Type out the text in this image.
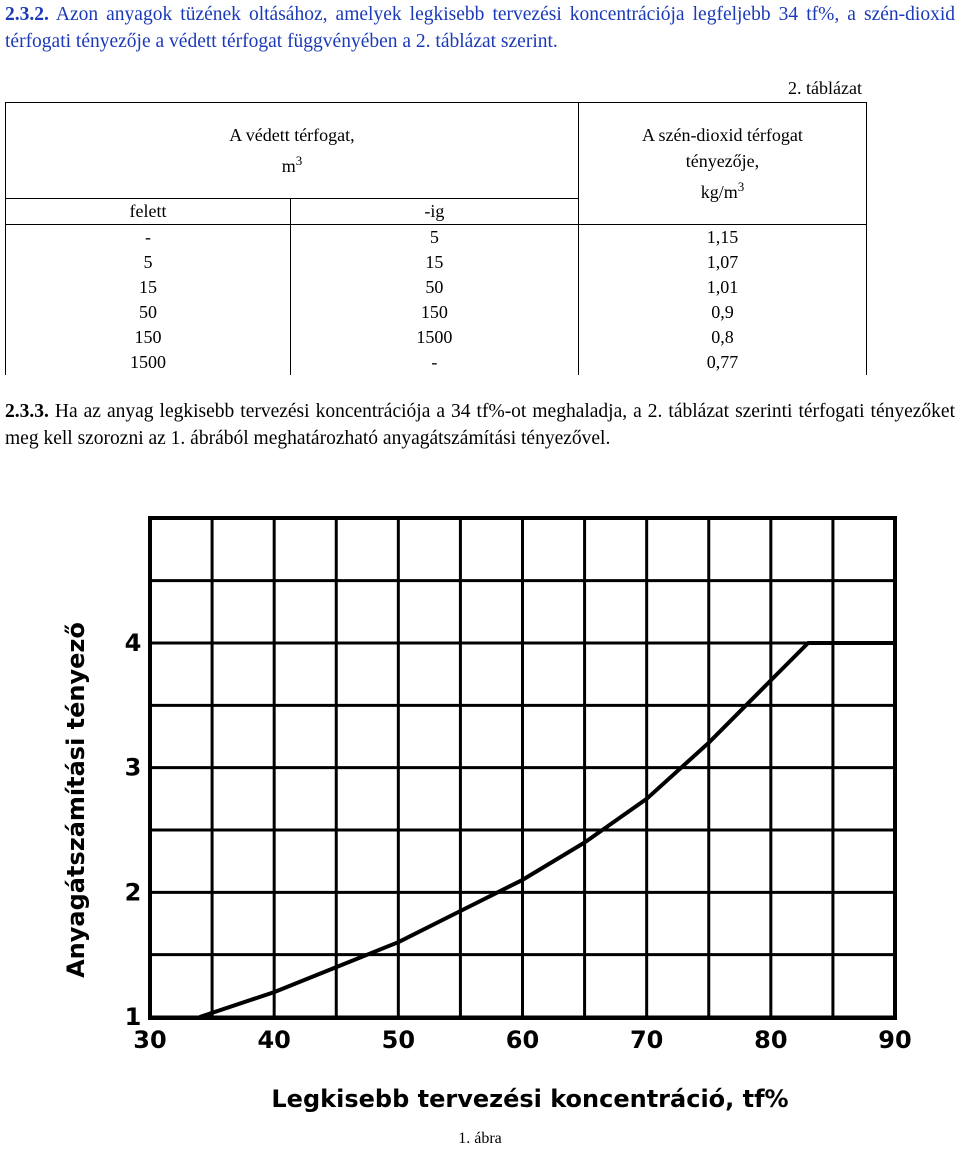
2.3.2. Azon anyagok tüzének oltásához, amelyek legkisebb tervezési koncentrációja legfeljebb 34 tf%, a szén-dioxid térfogati tényezője a védett térfogat függvényében a 2. táblázat szerint.
2. táblázat
A védett térfogat,
$m^3$		A szén-dioxid térfogat
tényezője,
$kg/m^3$
felett	-ig	
-	5	1,15
5	15	1,07
15	50	1,01
50	150	0,9
150	1500	0,8
1500	-	0,77
2.3.3. Ha az anyag legkisebb tervezési koncentrációja a 34 tf%-ot meghaladja, a 2. táblázat szerinti térfogati tényezőket meg kell szorozni az 1. ábrából meghatározható anyagátszámítási tényezővel.
30	40	50	60	70	80	90
1
2
3
4
Legkisebb tervezési koncentráció, tf%
Anyagátszámítási tényező
1. ábra
